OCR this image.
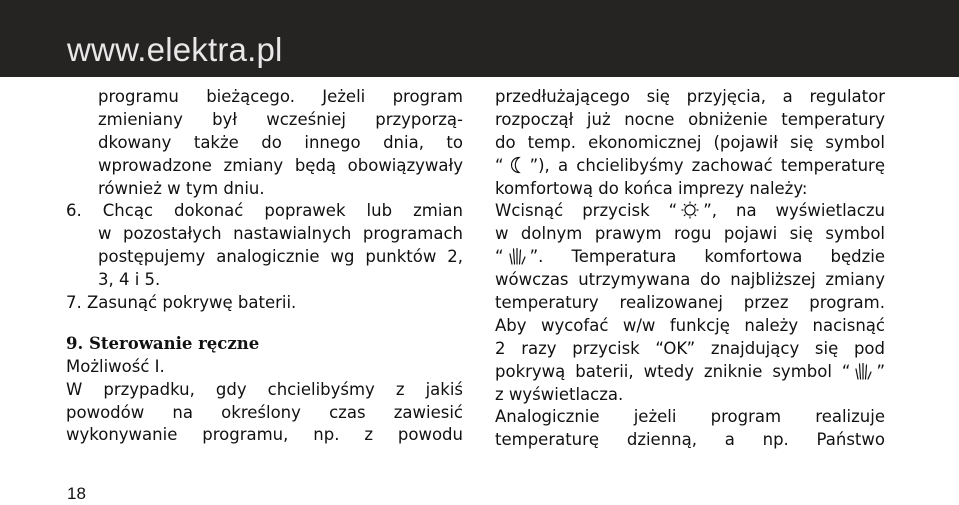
www.elektra.pl
programu bieżącego. Jeżeli program
zmieniany był wcześniej przyporzą-
dkowany także do innego dnia, to
wprowadzone zmiany będą obowiązywały
również w tym dniu.
6. Chcąc dokonać poprawek lub zmian
w pozostałych nastawialnych programach
postępujemy analogicznie wg punktów 2,
3, 4 i 5.
7. Zasunąć pokrywę baterii.
9. Sterowanie ręczne
Możliwość I.
W przypadku, gdy chcielibyśmy z jakiś
powodów na określony czas zawiesić
wykonywanie programu, np. z powodu
przedłużającego się przyjęcia, a regulator
rozpoczął już nocne obniżenie temperatury
do temp. ekonomicznej (pojawił się symbol
“ ”), a chcielibyśmy zachować temperaturę
komfortową do końca imprezy należy:
Wcisnąć przycisk “ ”, na wyświetlaczu
w dolnym prawym rogu pojawi się symbol
“ ”. Temperatura komfortowa będzie
wówczas utrzymywana do najbliższej zmiany
temperatury realizowanej przez program.
Aby wycofać w/w funkcję należy nacisnąć
2 razy przycisk “OK” znajdujący się pod
pokrywą baterii, wtedy zniknie symbol “ ”
z wyświetlacza.
Analogicznie jeżeli program realizuje
temperaturę dzienną, a np. Państwo
18
